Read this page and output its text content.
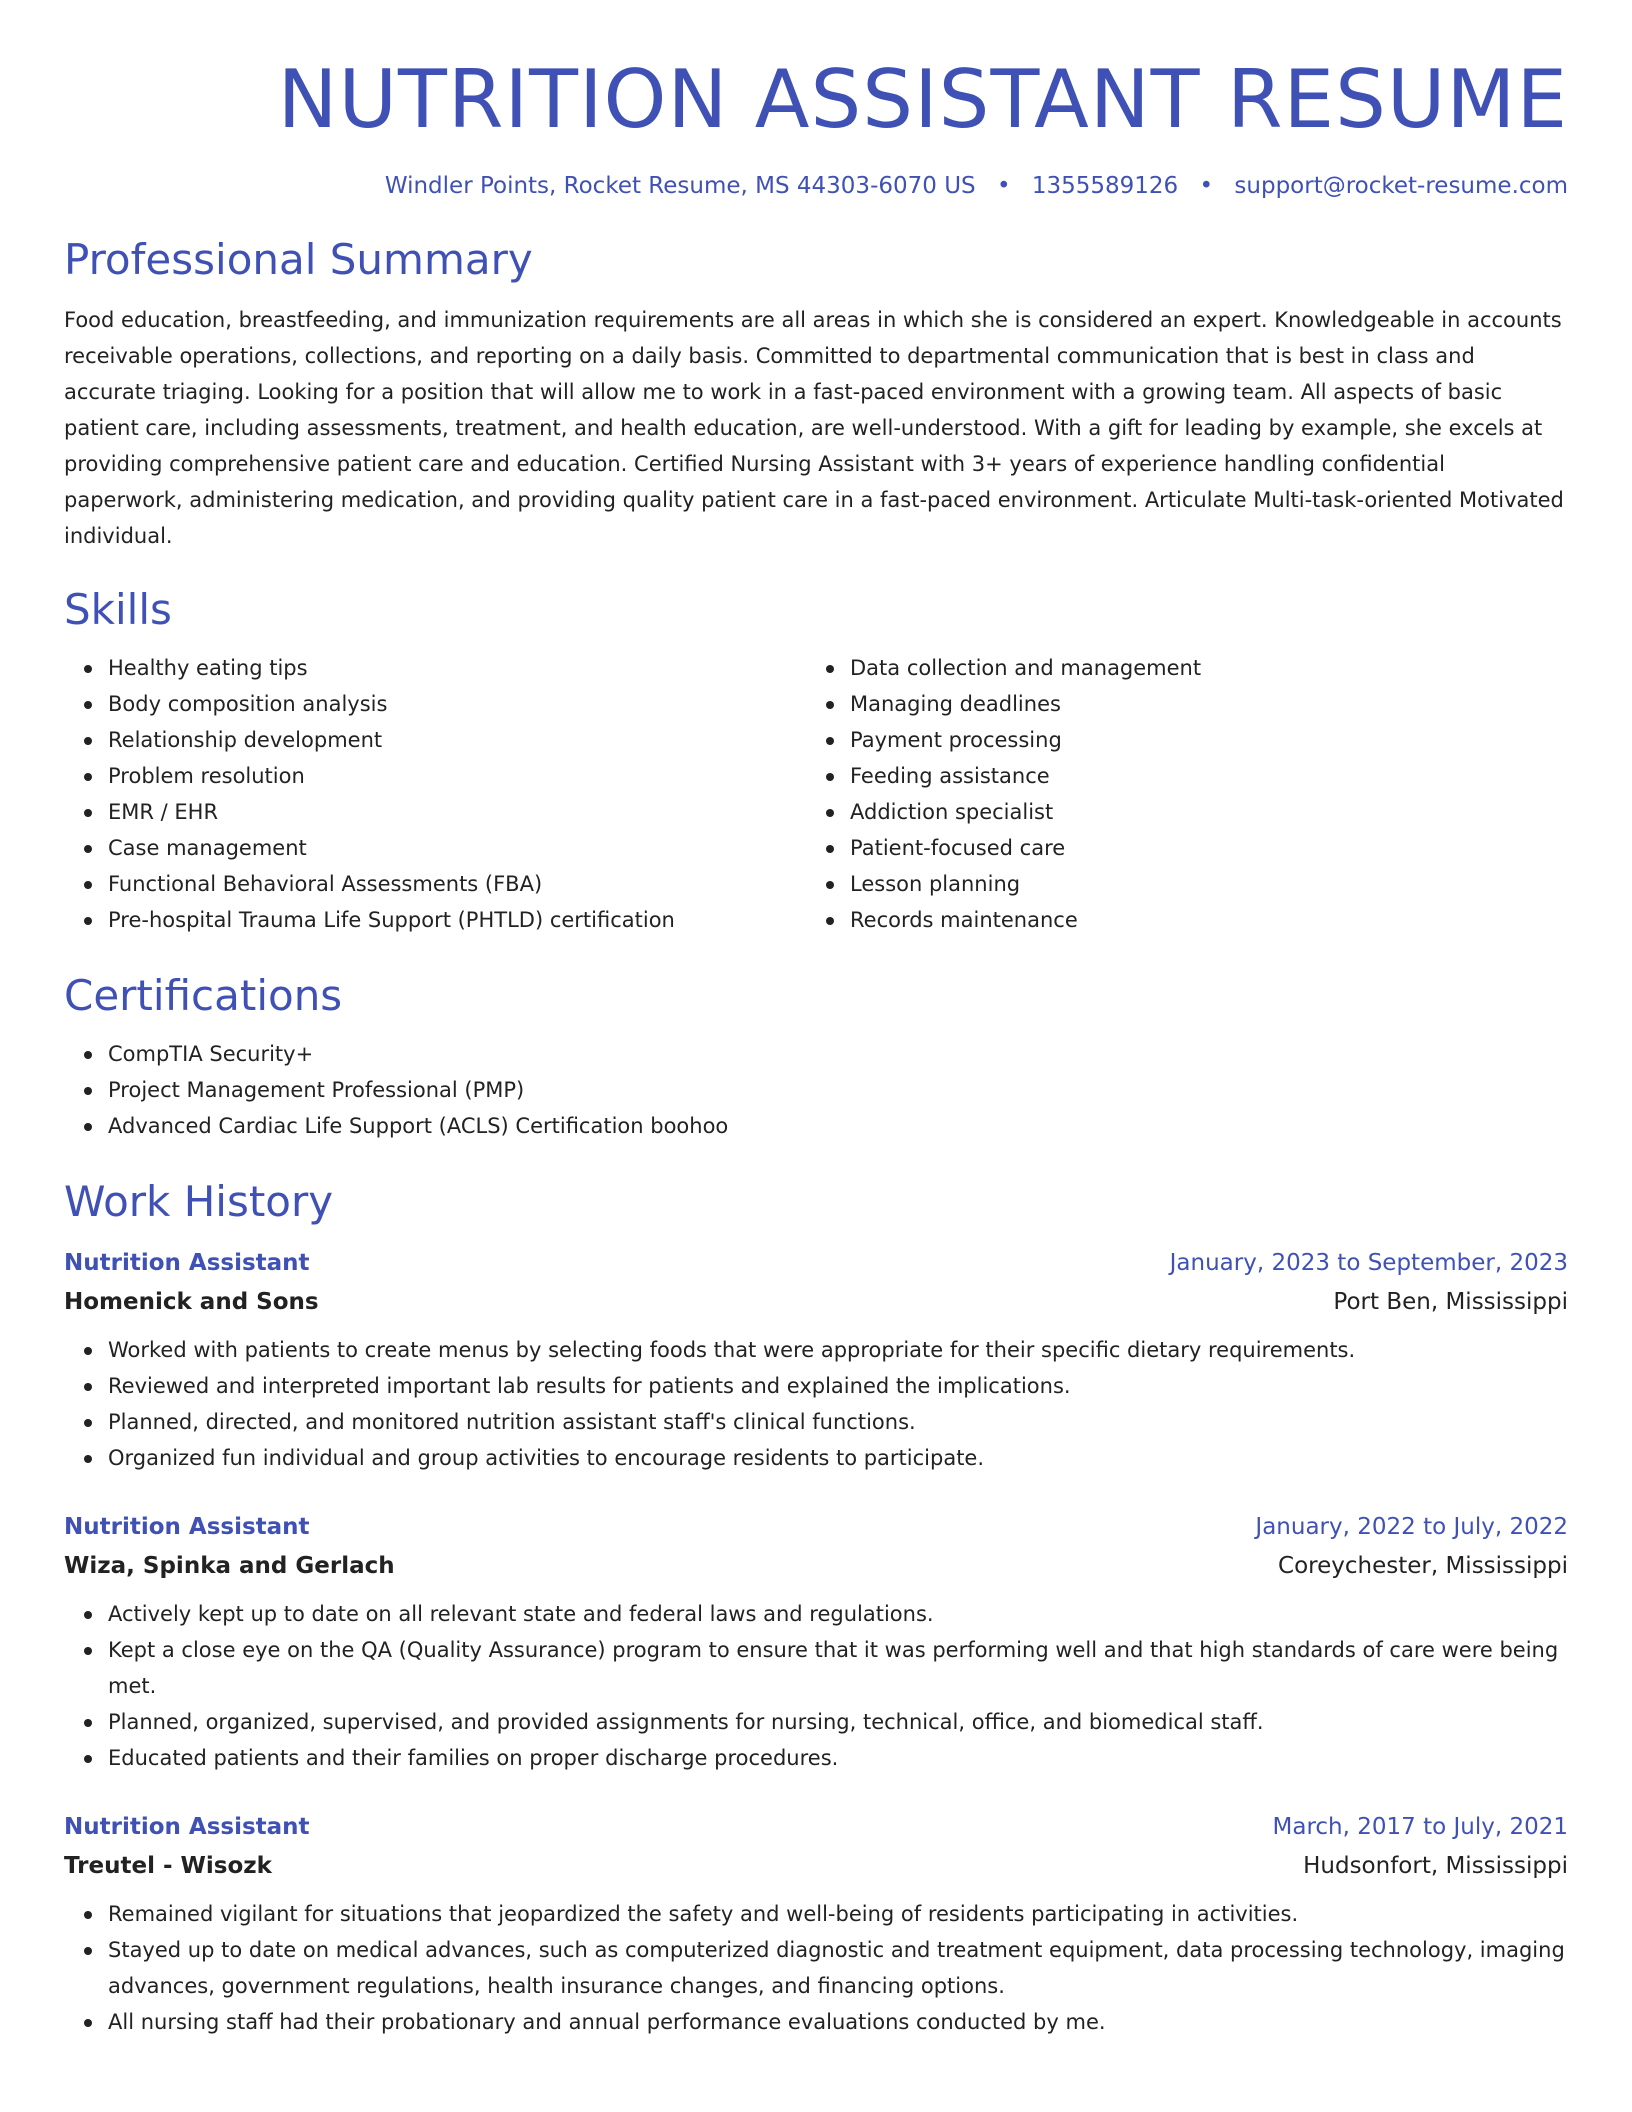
NUTRITION ASSISTANT RESUME
Windler Points, Rocket Resume, MS 44303-6070 US • 1355589126 • support@rocket-resume.com
Professional Summary

Food education, breastfeeding, and immunization requirements are all areas in which she is considered an expert. Knowledgeable in accounts receivable operations, collections, and reporting on a daily basis. Committed to departmental communication that is best in class and accurate triaging. Looking for a position that will allow me to work in a fast-paced environment with a growing team. All aspects of basic patient care, including assessments, treatment, and health education, are well-understood. With a gift for leading by example, she excels at providing comprehensive patient care and education. Certified Nursing Assistant with 3+ years of experience handling confidential paperwork, administering medication, and providing quality patient care in a fast-paced environment. Articulate Multi-task-oriented Motivated individual.

Skills
Healthy eating tips
Body composition analysis
Relationship development
Problem resolution
EMR / EHR
Case management
Functional Behavioral Assessments (FBA)
Pre-hospital Trauma Life Support (PHTLD) certification
Data collection and management
Managing deadlines
Payment processing
Feeding assistance
Addiction specialist
Patient-focused care
Lesson planning
Records maintenance
Certifications
CompTIA Security+
Project Management Professional (PMP)
Advanced Cardiac Life Support (ACLS) Certification boohoo
Work History
Nutrition Assistant	January, 2023 to September, 2023
Homenick and Sons	Port Ben, Mississippi
Worked with patients to create menus by selecting foods that were appropriate for their specific dietary requirements.
Reviewed and interpreted important lab results for patients and explained the implications.
Planned, directed, and monitored nutrition assistant staff's clinical functions.
Organized fun individual and group activities to encourage residents to participate.
Nutrition Assistant	January, 2022 to July, 2022
Wiza, Spinka and Gerlach	Coreychester, Mississippi
Actively kept up to date on all relevant state and federal laws and regulations.
Kept a close eye on the QA (Quality Assurance) program to ensure that it was performing well and that high standards of care were being met.
Planned, organized, supervised, and provided assignments for nursing, technical, office, and biomedical staff.
Educated patients and their families on proper discharge procedures.
Nutrition Assistant	March, 2017 to July, 2021
Treutel - Wisozk	Hudsonfort, Mississippi
Remained vigilant for situations that jeopardized the safety and well-being of residents participating in activities.
Stayed up to date on medical advances, such as computerized diagnostic and treatment equipment, data processing technology, imaging advances, government regulations, health insurance changes, and financing options.
All nursing staff had their probationary and annual performance evaluations conducted by me.
